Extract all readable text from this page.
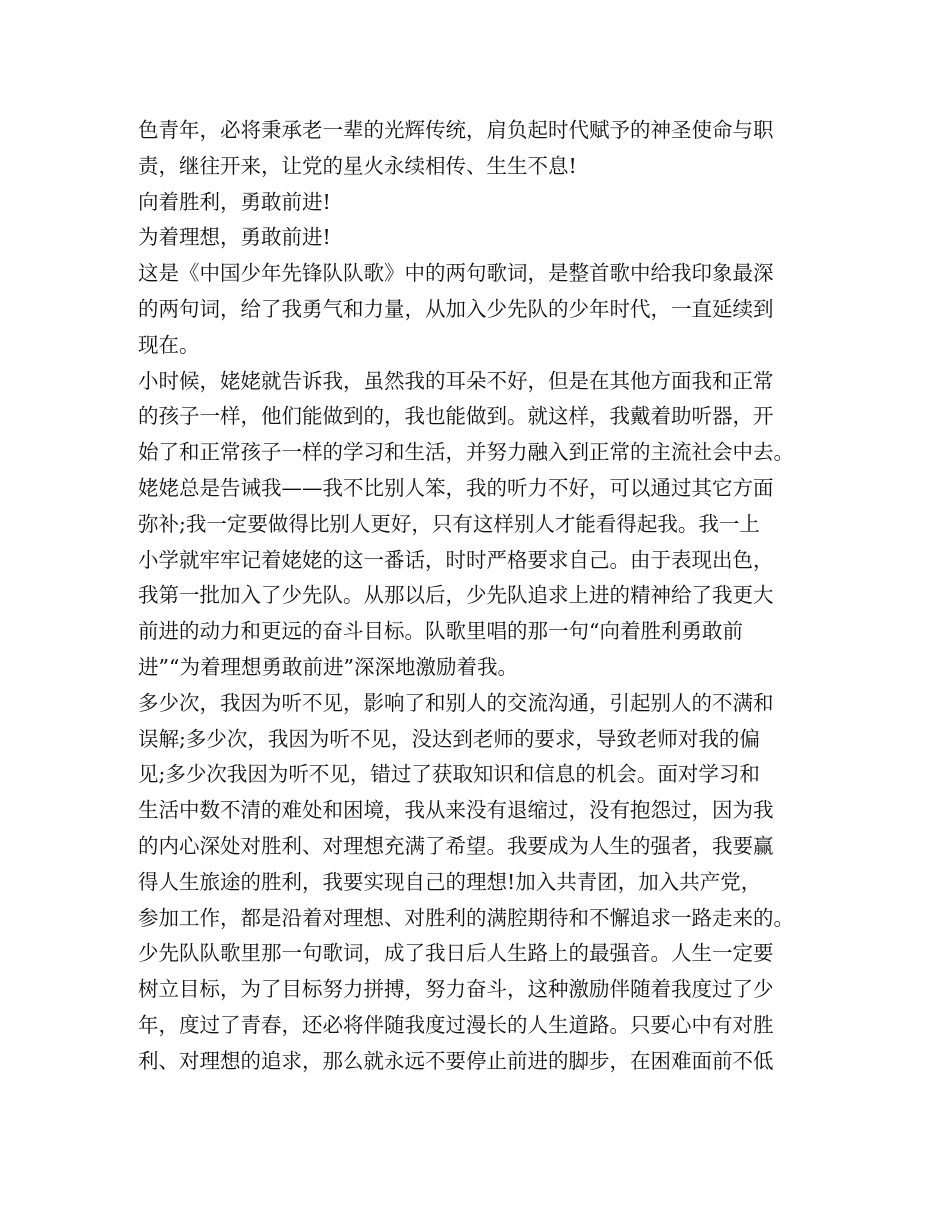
色青年，必将秉承老一辈的光辉传统，肩负起时代赋予的神圣使命与职
责，继往开来，让党的星火永续相传、生生不息!
向着胜利，勇敢前进!
为着理想，勇敢前进!
这是《中国少年先锋队队歌》中的两句歌词，是整首歌中给我印象最深
的两句词，给了我勇气和力量，从加入少先队的少年时代，一直延续到
现在。
小时候，姥姥就告诉我，虽然我的耳朵不好，但是在其他方面我和正常
的孩子一样，他们能做到的，我也能做到。就这样，我戴着助听器，开
始了和正常孩子一样的学习和生活，并努力融入到正常的主流社会中去。
姥姥总是告诫我——我不比别人笨，我的听力不好，可以通过其它方面
弥补;我一定要做得比别人更好，只有这样别人才能看得起我。我一上
小学就牢牢记着姥姥的这一番话，时时严格要求自己。由于表现出色，
我第一批加入了少先队。从那以后，少先队追求上进的精神给了我更大
前进的动力和更远的奋斗目标。队歌里唱的那一句“向着胜利勇敢前
进”“为着理想勇敢前进”深深地激励着我。
多少次，我因为听不见，影响了和别人的交流沟通，引起别人的不满和
误解;多少次，我因为听不见，没达到老师的要求，导致老师对我的偏
见;多少次我因为听不见，错过了获取知识和信息的机会。面对学习和
生活中数不清的难处和困境，我从来没有退缩过，没有抱怨过，因为我
的内心深处对胜利、对理想充满了希望。我要成为人生的强者，我要赢
得人生旅途的胜利，我要实现自己的理想!加入共青团，加入共产党，
参加工作，都是沿着对理想、对胜利的满腔期待和不懈追求一路走来的。
少先队队歌里那一句歌词，成了我日后人生路上的最强音。人生一定要
树立目标，为了目标努力拼搏，努力奋斗，这种激励伴随着我度过了少
年，度过了青春，还必将伴随我度过漫长的人生道路。只要心中有对胜
利、对理想的追求，那么就永远不要停止前进的脚步，在困难面前不低
